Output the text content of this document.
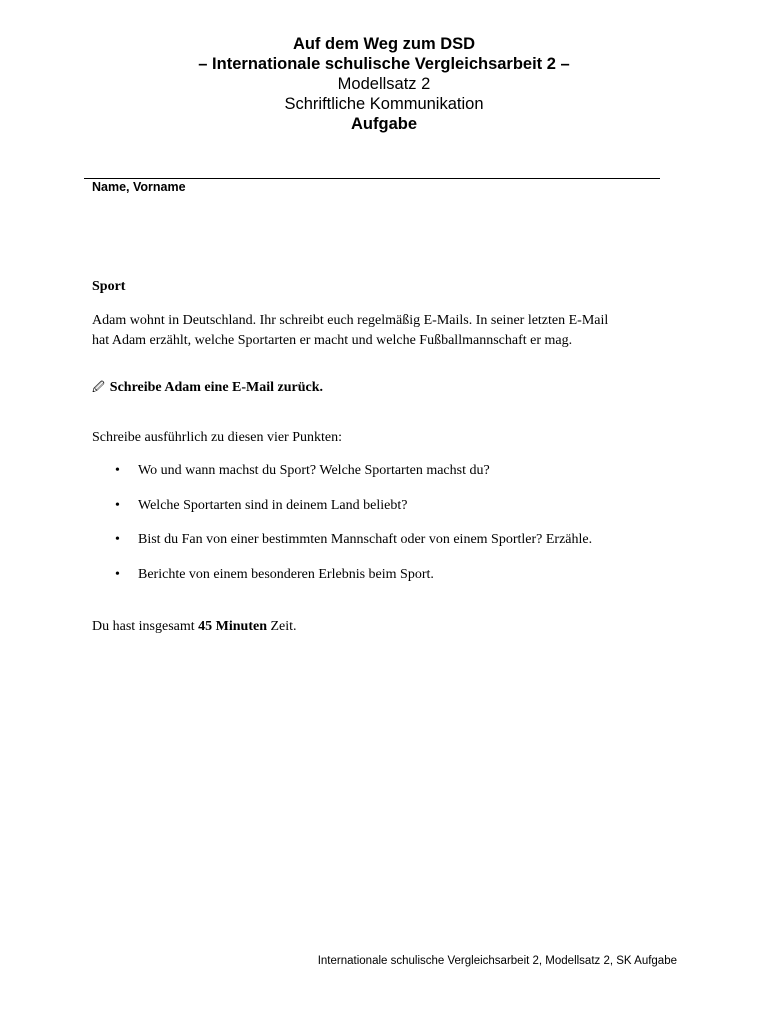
Auf dem Weg zum DSD
– Internationale schulische Vergleichsarbeit 2 –
Modellsatz 2
Schriftliche Kommunikation
Aufgabe
Name, Vorname
Sport
Adam wohnt in Deutschland. Ihr schreibt euch regelmäßig E-Mails. In seiner letzten E-Mail
hat Adam erzählt, welche Sportarten er macht und welche Fußballmannschaft er mag.
🖉 Schreibe Adam eine E-Mail zurück.
Schreibe ausführlich zu diesen vier Punkten:
• Wo und wann machst du Sport? Welche Sportarten machst du?
• Welche Sportarten sind in deinem Land beliebt?
• Bist du Fan von einer bestimmten Mannschaft oder von einem Sportler? Erzähle.
• Berichte von einem besonderen Erlebnis beim Sport.
Du hast insgesamt 45 Minuten Zeit.
Internationale schulische Vergleichsarbeit 2, Modellsatz 2, SK Aufgabe
